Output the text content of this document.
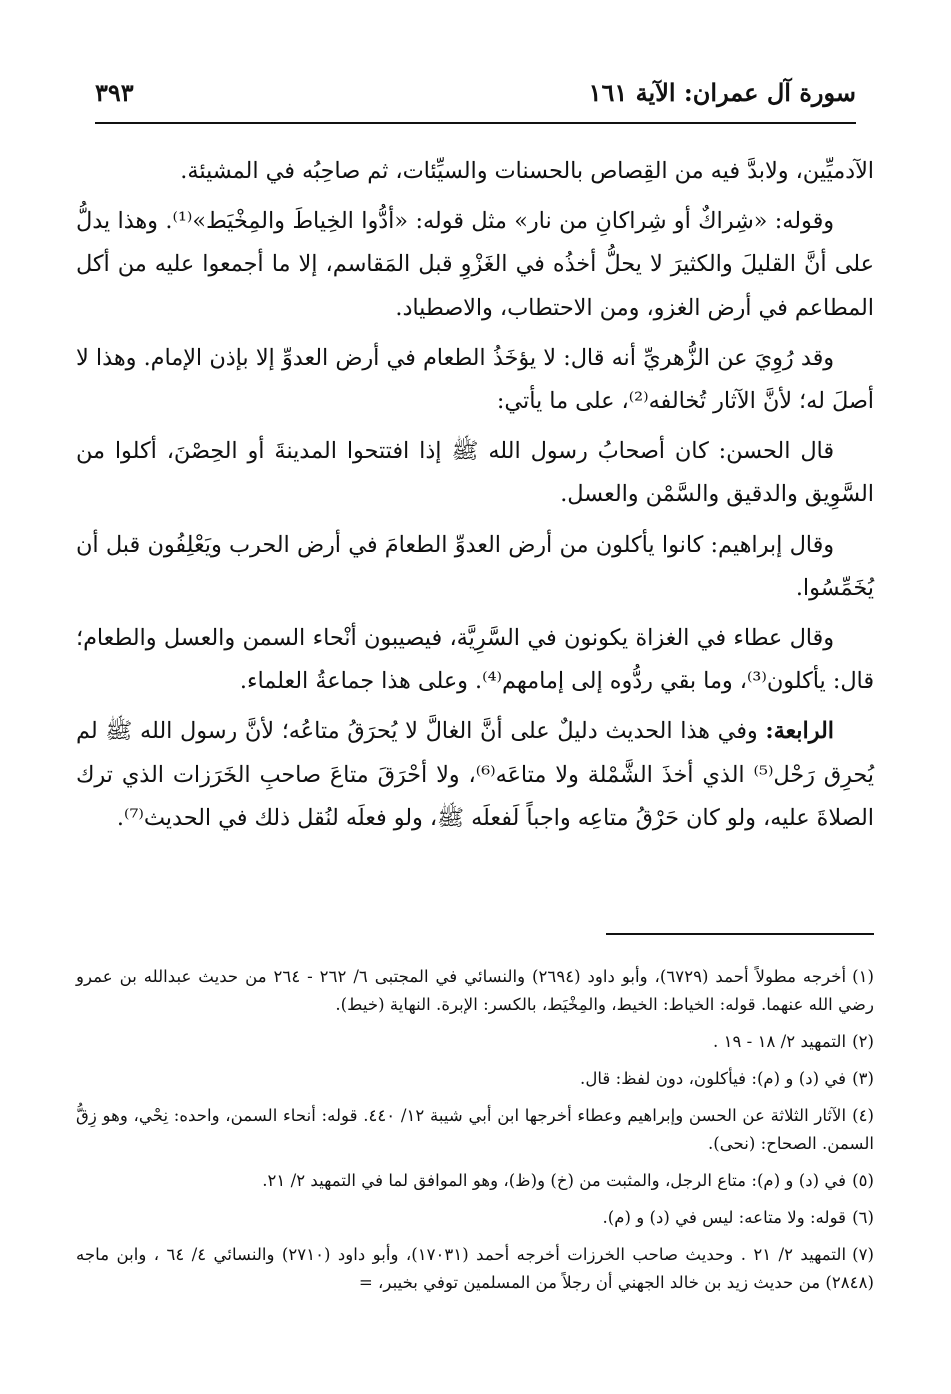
سورة آل عمران: الآية ١٦١
٣٩٣

الآدميِّين، ولابدَّ فيه من القِصاص بالحسنات والسيِّئات، ثم صاحِبُه في المشيئة.

وقوله: «شِراكٌ أو شِراكانِ من نار» مثل قوله: «أدُّوا الخِياطَ والمِخْيَط»⁽¹⁾. وهذا يدلُّ على أنَّ القليلَ والكثيرَ لا يحلُّ أخذُه في الغَزْوِ قبل المَقاسم، إلا ما أجمعوا عليه من أكل المطاعم في أرض الغزو، ومن الاحتطاب، والاصطياد.

وقد رُوِيَ عن الزُّهريِّ أنه قال: لا يؤخَذُ الطعام في أرض العدوِّ إلا بإذن الإمام. وهذا لا أصلَ له؛ لأنَّ الآثار تُخالفه⁽²⁾، على ما يأتي:

قال الحسن: كان أصحابُ رسول الله ﷺ إذا افتتحوا المدينةَ أو الحِصْنَ، أكلوا من السَّوِيق والدقيق والسَّمْن والعسل.

وقال إبراهيم: كانوا يأكلون من أرض العدوِّ الطعامَ في أرض الحرب ويَعْلِفُون قبل أن يُخَمِّسُوا.

وقال عطاء في الغزاة يكونون في السَّرِيَّة، فيصيبون أنْحاء السمن والعسل والطعام؛ قال: يأكلون⁽³⁾، وما بقي ردُّوه إلى إمامهم⁽⁴⁾. وعلى هذا جماعةُ العلماء.

الرابعة: وفي هذا الحديث دليلٌ على أنَّ الغالَّ لا يُحرَقُ متاعُه؛ لأنَّ رسول الله ﷺ لم يُحرِق رَحْل⁽⁵⁾ الذي أخذَ الشَّمْلة ولا متاعَه⁽⁶⁾، ولا أحْرَقَ متاعَ صاحبِ الخَرَزات الذي ترك الصلاةَ عليه، ولو كان حَرْقُ متاعِه واجباً لَفعلَه ﷺ، ولو فعلَه لنُقل ذلك في الحديث⁽⁷⁾.

(١)أخرجه مطولاً أحمد (٦٧٢٩)، وأبو داود (٢٦٩٤) والنسائي في المجتبى ٦/ ٢٦٢ - ٢٦٤ من حديث عبدالله بن عمرو رضي الله عنهما. قوله: الخياط: الخيط، والمِخْيَط، بالكسر: الإبرة. النهاية (خيط).

(٢)التمهيد ٢/ ١٨ - ١٩ .

(٣)في (د) و (م): فيأكلون، دون لفظ: قال.

(٤)الآثار الثلاثة عن الحسن وإبراهيم وعطاء أخرجها ابن أبي شيبة ١٢/ ٤٤٠. قوله: أنحاء السمن، واحده: نِحْي، وهو زِقُّ السمن. الصحاح: (نحى).

(٥)في (د) و (م): متاع الرجل، والمثبت من (خ) و(ظ)، وهو الموافق لما في التمهيد ٢/ ٢١.

(٦)قوله: ولا متاعه: ليس في (د) و (م).

(٧)التمهيد ٢/ ٢١ . وحديث صاحب الخرزات أخرجه أحمد (١٧٠٣١)، وأبو داود (٢٧١٠) والنسائي ٤/ ٦٤ ، وابن ماجه (٢٨٤٨) من حديث زيد بن خالد الجهني أن رجلاً من المسلمين توفي بخيبر، =
